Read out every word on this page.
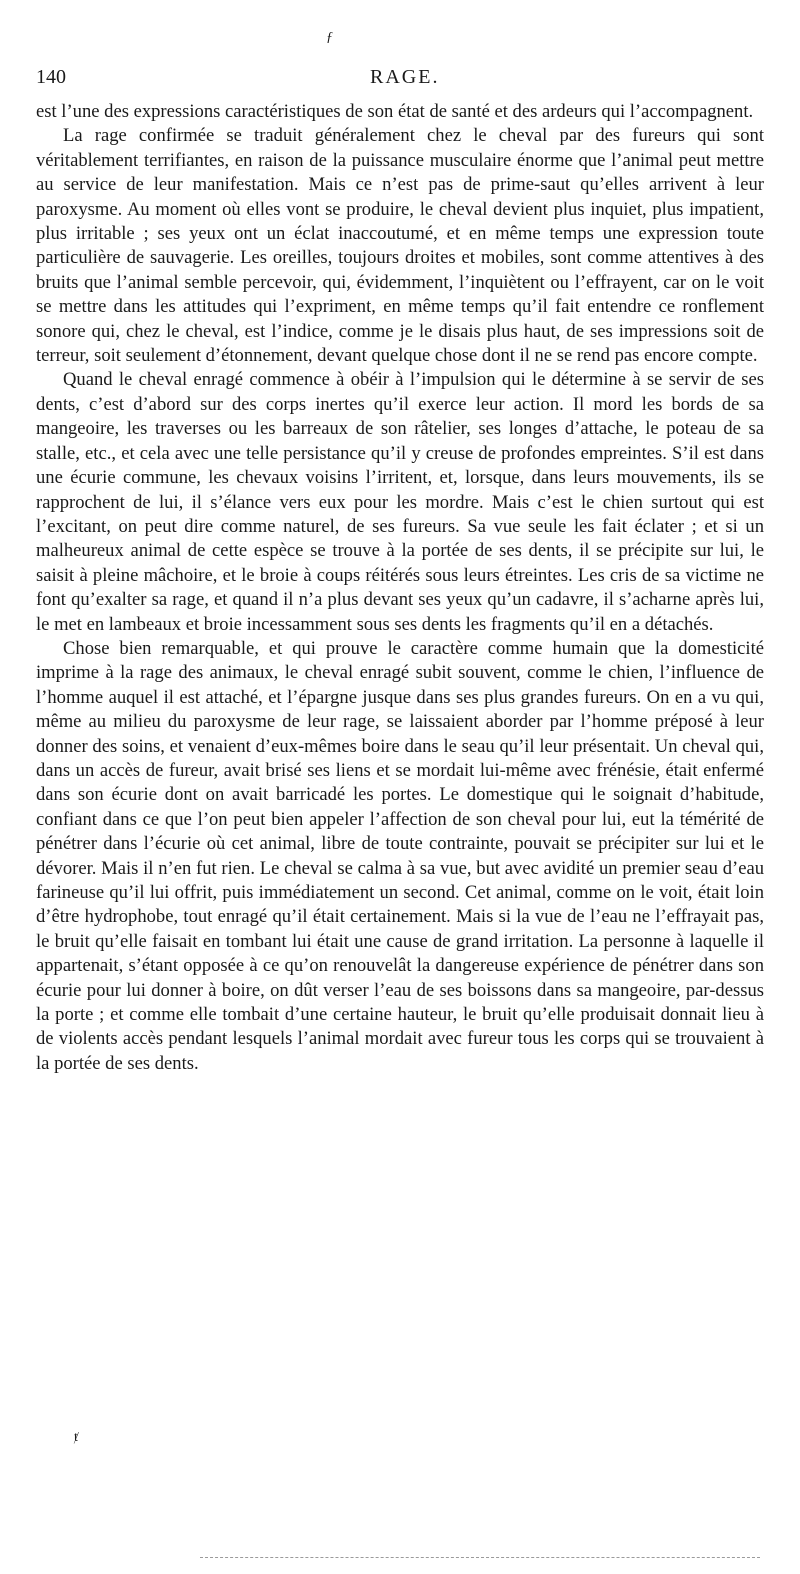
ƒ
140	RAGE.

est l’une des expressions caractéristiques de son état de santé et des ardeurs qui l’accompagnent.

La rage confirmée se traduit généralement chez le cheval par des fureurs qui sont véritablement terrifiantes, en raison de la puissance musculaire énorme que l’animal peut mettre au service de leur manifestation. Mais ce n’est pas de prime-saut qu’elles arrivent à leur paroxysme. Au moment où elles vont se produire, le cheval devient plus inquiet, plus impatient, plus irritable ; ses yeux ont un éclat inaccoutumé, et en même temps une expression toute particulière de sauvagerie. Les oreilles, toujours droites et mobiles, sont comme attentives à des bruits que l’animal semble percevoir, qui, évidemment, l’inquiètent ou l’effrayent, car on le voit se mettre dans les attitudes qui l’expriment, en même temps qu’il fait entendre ce ronflement sonore qui, chez le cheval, est l’indice, comme je le disais plus haut, de ses impressions soit de terreur, soit seulement d’étonnement, devant quelque chose dont il ne se rend pas encore compte.

Quand le cheval enragé commence à obéir à l’impulsion qui le détermine à se servir de ses dents, c’est d’abord sur des corps inertes qu’il exerce leur action. Il mord les bords de sa mangeoire, les traverses ou les barreaux de son râtelier, ses longes d’attache, le poteau de sa stalle, etc., et cela avec une telle persistance qu’il y creuse de profondes empreintes. S’il est dans une écurie commune, les chevaux voisins l’irritent, et, lorsque, dans leurs mouvements, ils se rapprochent de lui, il s’élance vers eux pour les mordre. Mais c’est le chien surtout qui est l’excitant, on peut dire comme naturel, de ses fureurs. Sa vue seule les fait éclater ; et si un malheureux animal de cette espèce se trouve à la portée de ses dents, il se précipite sur lui, le saisit à pleine mâchoire, et le broie à coups réitérés sous leurs étreintes. Les cris de sa victime ne font qu’exalter sa rage, et quand il n’a plus devant ses yeux qu’un cadavre, il s’acharne après lui, le met en lambeaux et broie incessamment sous ses dents les fragments qu’il en a détachés.

Chose bien remarquable, et qui prouve le caractère comme humain que la domesticité imprime à la rage des animaux, le cheval enragé subit souvent, comme le chien, l’influence de l’homme auquel il est attaché, et l’épargne jusque dans ses plus grandes fureurs. On en a vu qui, même au milieu du paroxysme de leur rage, se laissaient aborder par l’homme préposé à leur donner des soins, et venaient d’eux-mêmes boire dans le seau qu’il leur présentait. Un cheval qui, dans un accès de fureur, avait brisé ses liens et se mordait lui-même avec frénésie, était enfermé dans son écurie dont on avait barricadé les portes. Le domestique qui le soignait d’habitude, confiant dans ce que l’on peut bien appeler l’affection de son cheval pour lui, eut la témérité de pénétrer dans l’écurie où cet animal, libre de toute contrainte, pouvait se précipiter sur lui et le dévorer. Mais il n’en fut rien. Le cheval se calma à sa vue, but avec avidité un premier seau d’eau farineuse qu’il lui offrit, puis immédiatement un second. Cet animal, comme on le voit, était loin d’être hydrophobe, tout enragé qu’il était certainement. Mais si la vue de l’eau ne l’effrayait pas, le bruit qu’elle faisait en tombant lui était une cause de grand irritation. La personne à laquelle il appartenait, s’étant opposée à ce qu’on renouvelât la dangereuse expérience de pénétrer dans son écurie pour lui donner à boire, on dût verser l’eau de ses boissons dans sa mangeoire, par-dessus la porte ; et comme elle tombait d’une certaine hauteur, le bruit qu’elle produisait donnait lieu à de violents accès pendant lesquels l’animal mordait avec fureur tous les corps qui se trouvaient à la portée de ses dents.

ⱦ
